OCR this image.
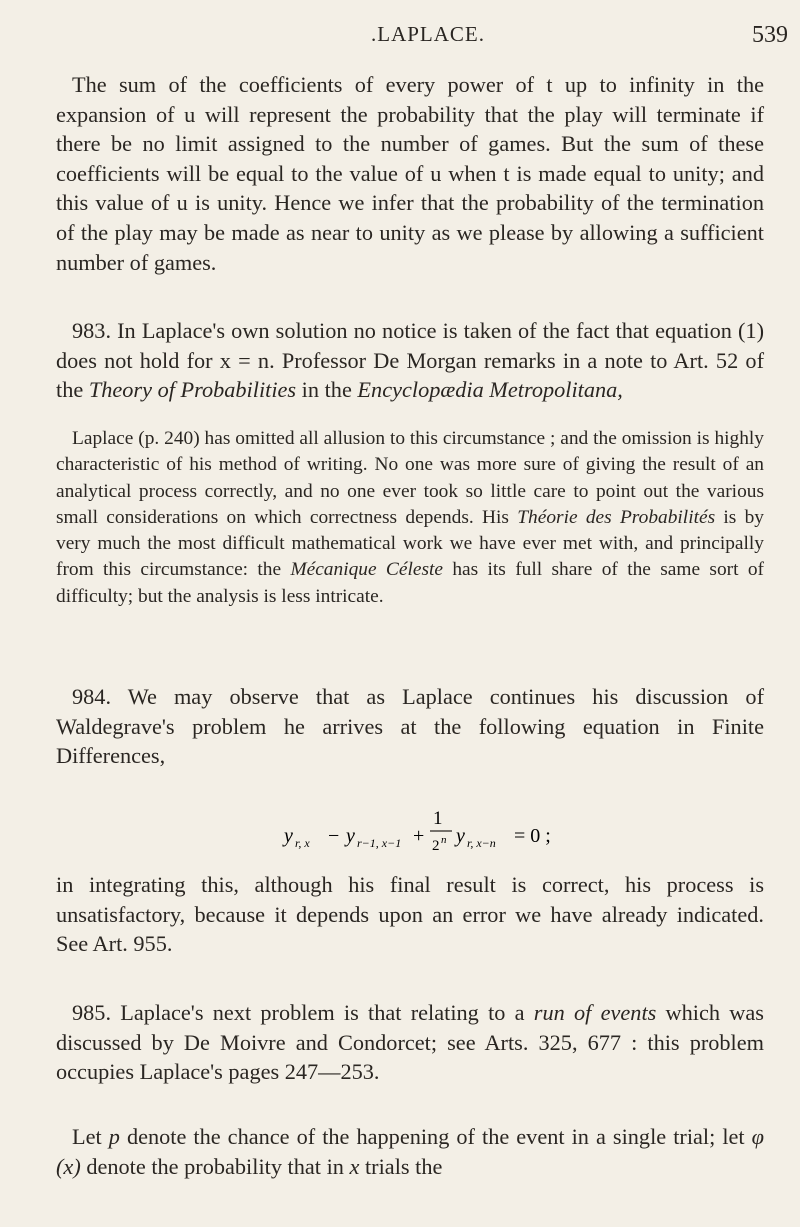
.LAPLACE.	539

The sum of the coefficients of every power of t up to infinity in the expansion of u will represent the probability that the play will terminate if there be no limit assigned to the number of games. But the sum of these coefficients will be equal to the value of u when t is made equal to unity; and this value of u is unity. Hence we infer that the probability of the termination of the play may be made as near to unity as we please by allowing a sufficient number of games.

983. In Laplace's own solution no notice is taken of the fact that equation (1) does not hold for x = n. Professor De Morgan remarks in a note to Art. 52 of the Theory of Probabilities in the Encyclopædia Metropolitana,

Laplace (p. 240) has omitted all allusion to this circumstance ; and the omission is highly characteristic of his method of writing. No one was more sure of giving the result of an analytical process correctly, and no one ever took so little care to point out the various small considerations on which correctness depends. His Théorie des Probabilités is by very much the most difficult mathematical work we have ever met with, and principally from this circumstance: the Mécanique Céleste has its full share of the same sort of difficulty; but the analysis is less intricate.

984. We may observe that as Laplace continues his discussion of Waldegrave's problem he arrives at the following equation in Finite Differences,

y r, x − y r−1, x−1 +
1
2 n y r, x−n = 0 ;

in integrating this, although his final result is correct, his process is unsatisfactory, because it depends upon an error we have already indicated. See Art. 955.

985. Laplace's next problem is that relating to a run of events which was discussed by De Moivre and Condorcet; see Arts. 325, 677 : this problem occupies Laplace's pages 247—253.

Let p denote the chance of the happening of the event in a single trial; let φ (x) denote the probability that in x trials the
